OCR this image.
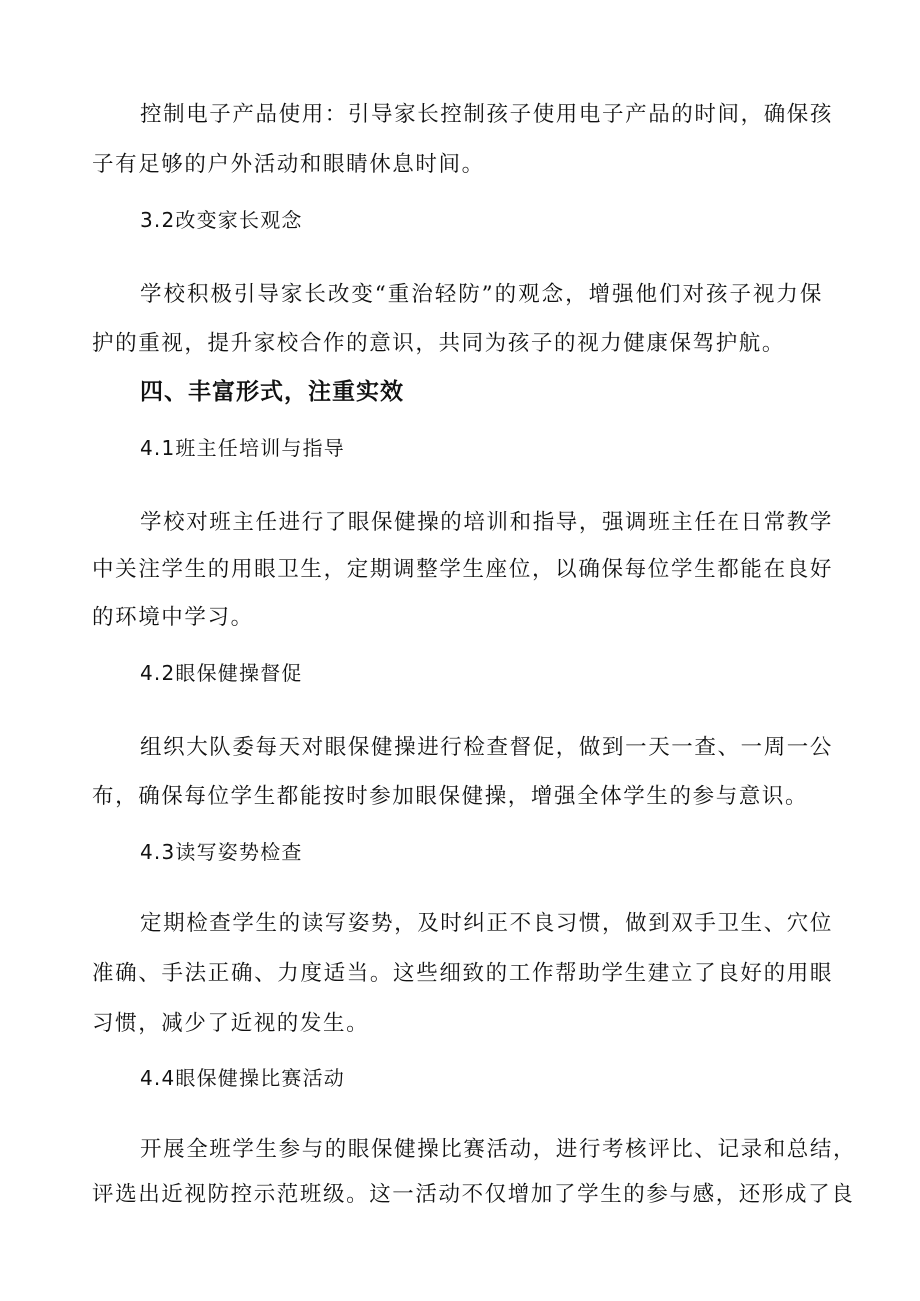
控制电子产品使用：引导家长控制孩子使用电子产品的时间，确保孩
子有足够的户外活动和眼睛休息时间。
3.2改变家长观念
学校积极引导家长改变“重治轻防”的观念，增强他们对孩子视力保
护的重视，提升家校合作的意识，共同为孩子的视力健康保驾护航。
四、丰富形式，注重实效
4.1班主任培训与指导
学校对班主任进行了眼保健操的培训和指导，强调班主任在日常教学
中关注学生的用眼卫生，定期调整学生座位，以确保每位学生都能在良好
的环境中学习。
4.2眼保健操督促
组织大队委每天对眼保健操进行检查督促，做到一天一查、一周一公
布，确保每位学生都能按时参加眼保健操，增强全体学生的参与意识。
4.3读写姿势检查
定期检查学生的读写姿势，及时纠正不良习惯，做到双手卫生、穴位
准确、手法正确、力度适当。这些细致的工作帮助学生建立了良好的用眼
习惯，减少了近视的发生。
4.4眼保健操比赛活动
开展全班学生参与的眼保健操比赛活动，进行考核评比、记录和总结，
评选出近视防控示范班级。这一活动不仅增加了学生的参与感，还形成了良
